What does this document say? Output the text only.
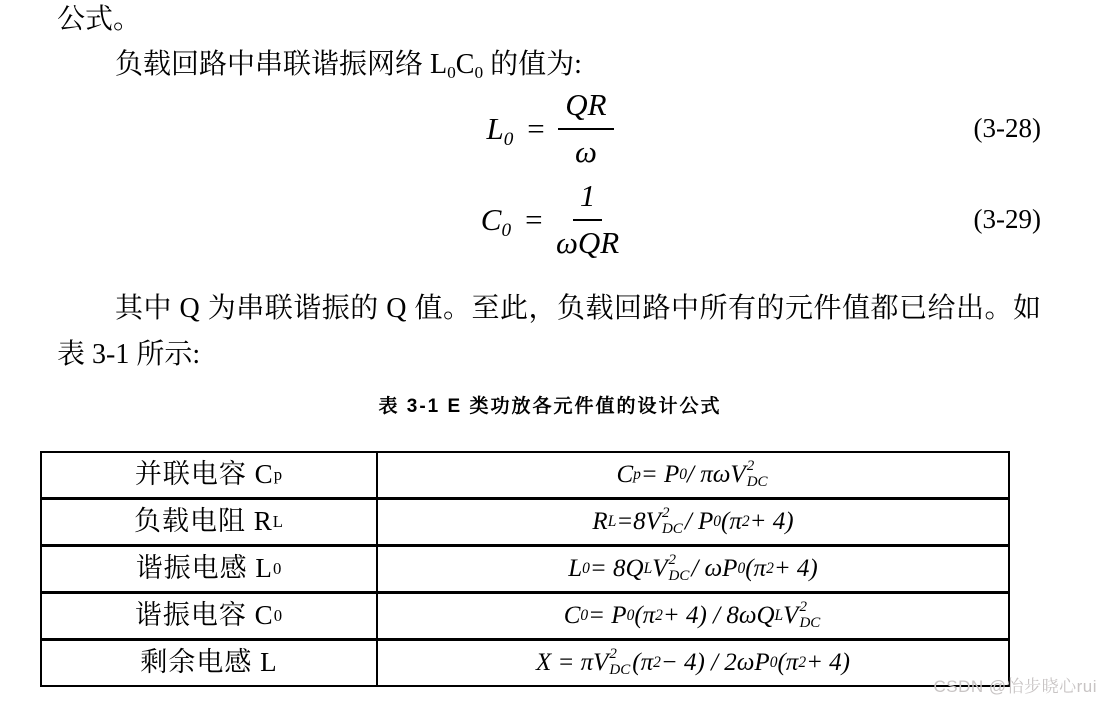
公式。
负载回路中串联谐振网络 $L_0C_0$ 的值为:
$L_0 = \frac{QR}{\omega}$	(3-28)
$C_0 = \frac{1}{\text{ωQR}}$	(3-29)
其中 Q 为串联谐振的 Q 值。至此，负载回路中所有的元件值都已给出。如
表 3-1 所示:
表 3-1 E 类功放各元件值的设计公式
并联电容 C p	C p = P 0 / πωV 2
DC
负载电阻 R L	R L =8V 2
DC / P 0 (π 2 + 4)
谐振电感 L 0	L 0 = 8Q L V 2
DC / ωP 0 (π 2 + 4)
谐振电容 C 0	C 0 = P 0 (π 2 + 4) / 8ωQ L V 2
DC
剩余电感 L	X = πV 2
DC (π 2 − 4) / 2ωP 0 (π 2 + 4)
CSDN @怡步晓心rui
